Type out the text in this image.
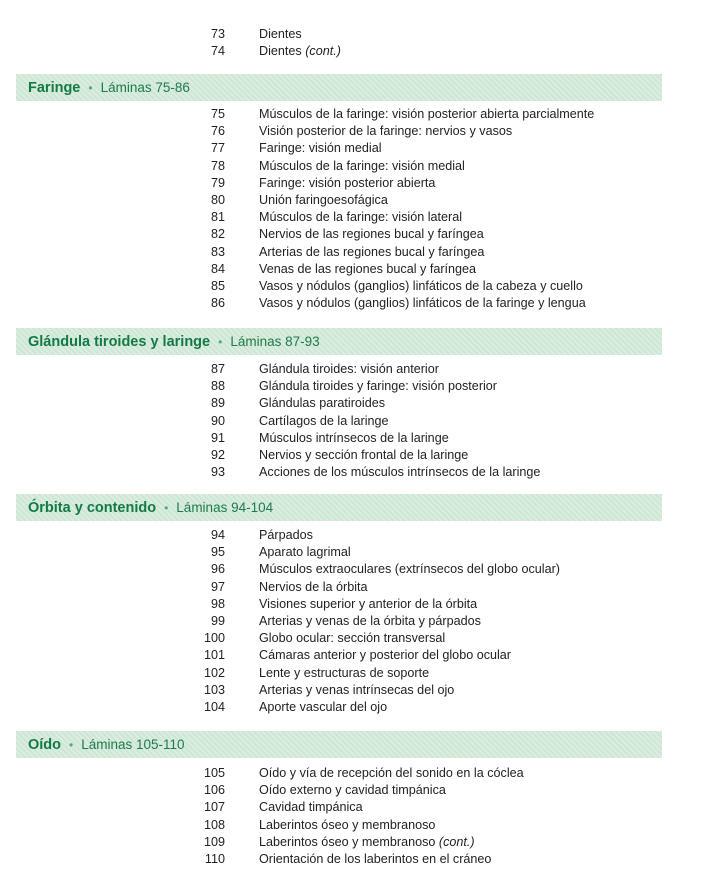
73	Dientes
74	Dientes (cont.)
Faringe • Láminas 75-86
75	Músculos de la faringe: visión posterior abierta parcialmente
76	Visión posterior de la faringe: nervios y vasos
77	Faringe: visión medial
78	Músculos de la faringe: visión medial
79	Faringe: visión posterior abierta
80	Unión faringoesofágica
81	Músculos de la faringe: visión lateral
82	Nervios de las regiones bucal y faríngea
83	Arterias de las regiones bucal y faríngea
84	Venas de las regiones bucal y faríngea
85	Vasos y nódulos (ganglios) linfáticos de la cabeza y cuello
86	Vasos y nódulos (ganglios) linfáticos de la faringe y lengua
Glándula tiroides y laringe • Láminas 87-93
87	Glándula tiroides: visión anterior
88	Glándula tiroides y faringe: visión posterior
89	Glándulas paratiroides
90	Cartílagos de la laringe
91	Músculos intrínsecos de la laringe
92	Nervios y sección frontal de la laringe
93	Acciones de los músculos intrínsecos de la laringe
Órbita y contenido • Láminas 94-104
94	Párpados
95	Aparato lagrimal
96	Músculos extraoculares (extrínsecos del globo ocular)
97	Nervios de la órbita
98	Visiones superior y anterior de la órbita
99	Arterias y venas de la órbita y párpados
100	Globo ocular: sección transversal
101	Cámaras anterior y posterior del globo ocular
102	Lente y estructuras de soporte
103	Arterias y venas intrínsecas del ojo
104	Aporte vascular del ojo
Oído • Láminas 105-110
105	Oído y vía de recepción del sonido en la cóclea
106	Oído externo y cavidad timpánica
107	Cavidad timpánica
108	Laberintos óseo y membranoso
109	Laberintos óseo y membranoso (cont.)
110	Orientación de los laberintos en el cráneo
